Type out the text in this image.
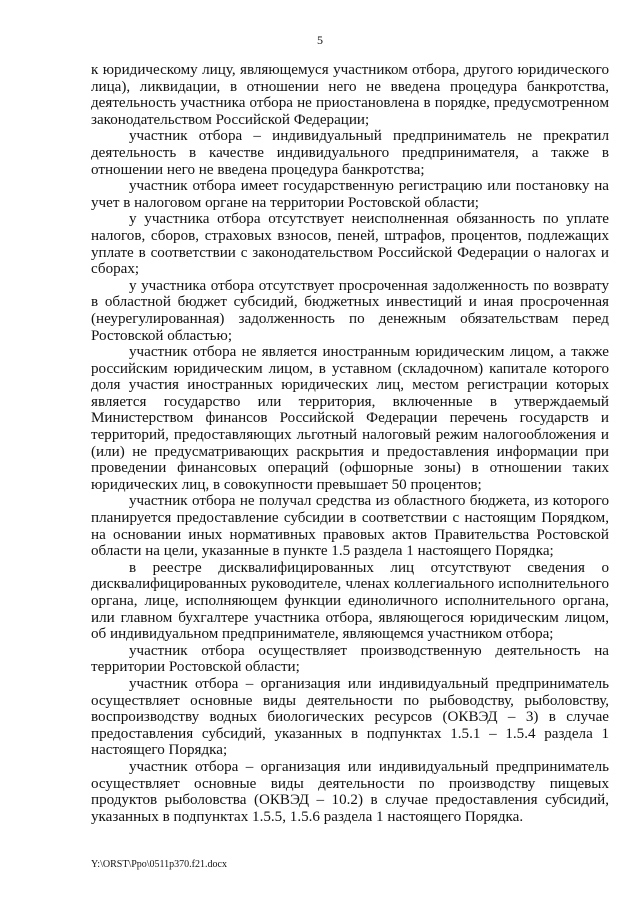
5

к юридическому лицу, являющемуся участником отбора, другого юридического лица), ликвидации, в отношении него не введена процедура банкротства, деятельность участника отбора не приостановлена в порядке, предусмотренном законодательством Российской Федерации;

участник отбора – индивидуальный предприниматель не прекратил деятельность в качестве индивидуального предпринимателя, а также в отношении него не введена процедура банкротства;

участник отбора имеет государственную регистрацию или постановку на учет в налоговом органе на территории Ростовской области;

у участника отбора отсутствует неисполненная обязанность по уплате налогов, сборов, страховых взносов, пеней, штрафов, процентов, подлежащих уплате в соответствии с законодательством Российской Федерации о налогах и сборах;

у участника отбора отсутствует просроченная задолженность по возврату в областной бюджет субсидий, бюджетных инвестиций и иная просроченная (неурегулированная) задолженность по денежным обязательствам перед Ростовской областью;

участник отбора не является иностранным юридическим лицом, а также российским юридическим лицом, в уставном (складочном) капитале которого доля участия иностранных юридических лиц, местом регистрации которых является государство или территория, включенные в утверждаемый Министерством финансов Российской Федерации перечень государств и территорий, предоставляющих льготный налоговый режим налогообложения и (или) не предусматривающих раскрытия и предоставления информации при проведении финансовых операций (офшорные зоны) в отношении таких юридических лиц, в совокупности превышает 50 процентов;

участник отбора не получал средства из областного бюджета, из которого планируется предоставление субсидии в соответствии с настоящим Порядком, на основании иных нормативных правовых актов Правительства Ростовской области на цели, указанные в пункте 1.5 раздела 1 настоящего Порядка;

в реестре дисквалифицированных лиц отсутствуют сведения о дисквалифицированных руководителе, членах коллегиального исполнительного органа, лице, исполняющем функции единоличного исполнительного органа, или главном бухгалтере участника отбора, являющегося юридическим лицом, об индивидуальном предпринимателе, являющемся участником отбора;

участник отбора осуществляет производственную деятельность на территории Ростовской области;

участник отбора – организация или индивидуальный предприниматель осуществляет основные виды деятельности по рыбоводству, рыболовству, воспроизводству водных биологических ресурсов (ОКВЭД – 3) в случае предоставления субсидий, указанных в подпунктах 1.5.1 – 1.5.4 раздела 1 настоящего Порядка;

участник отбора – организация или индивидуальный предприниматель осуществляет основные виды деятельности по производству пищевых продуктов рыболовства (ОКВЭД – 10.2) в случае предоставления субсидий, указанных в подпунктах 1.5.5, 1.5.6 раздела 1 настоящего Порядка.

Y:\ORST\Ppo\0511p370.f21.docx
